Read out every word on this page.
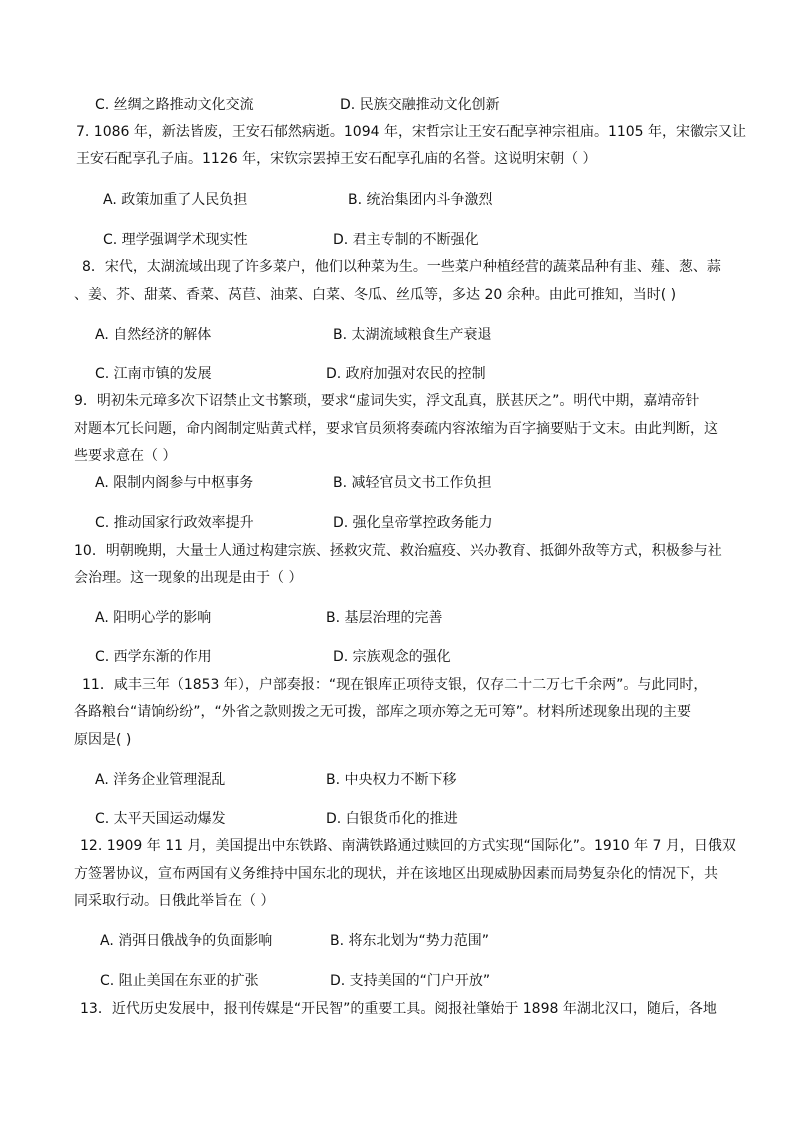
C. 丝绸之路推动文化交流	D. 民族交融推动文化创新
7. 1086 年，新法皆废，王安石郁然病逝。1094 年，宋哲宗让王安石配享神宗祖庙。1105 年，宋徽宗又让
王安石配享孔子庙。1126 年，宋钦宗罢掉王安石配享孔庙的名誉。这说明宋朝（ ）
A. 政策加重了人民负担	B. 统治集团内斗争激烈
C. 理学强调学术现实性	D. 君主专制的不断强化
8．宋代，太湖流域出现了许多菜户，他们以种菜为生。一些菜户种植经营的蔬菜品种有韭、薤、葱、蒜
、姜、芥、甜菜、香菜、莴苣、油菜、白菜、冬瓜、丝瓜等，多达 20 余种。由此可推知，当时( )
A. 自然经济的解体	B. 太湖流域粮食生产衰退
C. 江南市镇的发展	D. 政府加强对农民的控制
9．明初朱元璋多次下诏禁止文书繁琐，要求“虚词失实，浮文乱真，朕甚厌之”。明代中期，嘉靖帝针
对题本冗长问题，命内阁制定贴黄式样，要求官员须将奏疏内容浓缩为百字摘要贴于文末。由此判断，这
些要求意在（ ）
A. 限制内阁参与中枢事务	B. 减轻官员文书工作负担
C. 推动国家行政效率提升	D. 强化皇帝掌控政务能力
10．明朝晚期，大量士人通过构建宗族、拯救灾荒、救治瘟疫、兴办教育、抵御外敌等方式，积极参与社
会治理。这一现象的出现是由于（ ）
A. 阳明心学的影响	B. 基层治理的完善
C. 西学东渐的作用	D. 宗族观念的强化
11．咸丰三年（1853 年），户部奏报：“现在银库正项待支银，仅存二十二万七千余两”。与此同时，
各路粮台“请饷纷纷”，“外省之款则拨之无可拨，部库之项亦筹之无可筹”。材料所述现象出现的主要
原因是( )
A. 洋务企业管理混乱	B. 中央权力不断下移
C. 太平天国运动爆发	D. 白银货币化的推进
12. 1909 年 11 月，美国提出中东铁路、南满铁路通过赎回的方式实现“国际化”。1910 年 7 月，日俄双
方签署协议，宣布两国有义务维持中国东北的现状，并在该地区出现威胁因素而局势复杂化的情况下，共
同采取行动。日俄此举旨在（ ）
A. 消弭日俄战争的负面影响	B. 将东北划为“势力范围”
C. 阻止美国在东亚的扩张	D. 支持美国的“门户开放”
13．近代历史发展中，报刊传媒是“开民智”的重要工具。阅报社肇始于 1898 年湖北汉口，随后，各地
